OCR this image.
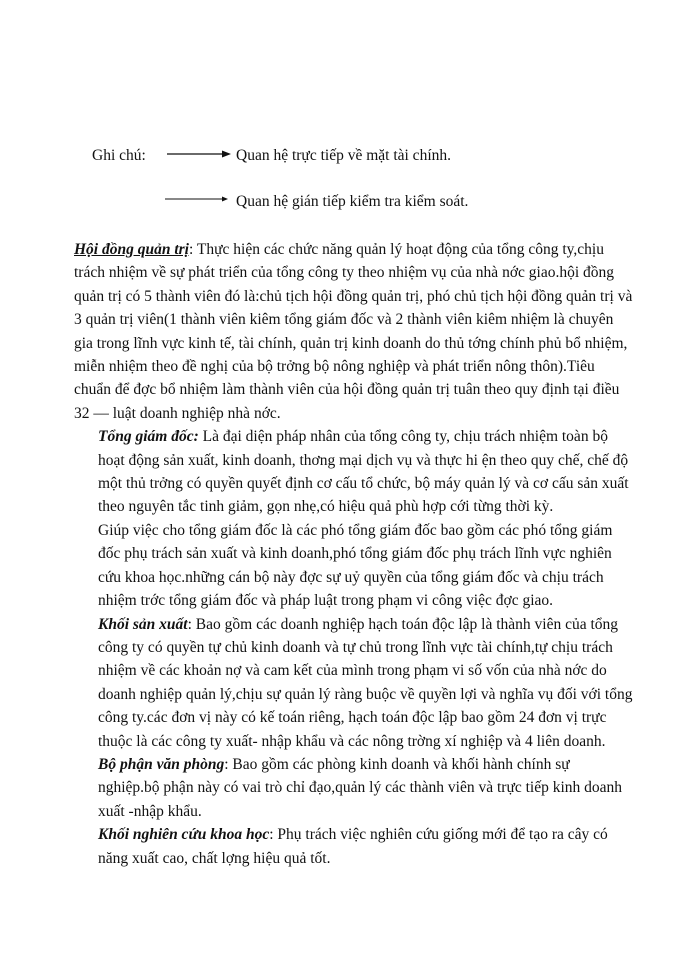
Ghi chú:	Quan hệ trực tiếp về mặt tài chính.
Quan hệ gián tiếp kiểm tra kiểm soát.

Hội đồng quản trị: Thực hiện các chức năng quản lý hoạt động của tổng công ty,chịu trách nhiệm về sự phát triển của tổng công ty theo nhiệm vụ của nhà nớc giao.hội đồng quản trị có 5 thành viên đó là:chủ tịch hội đồng quản trị, phó chủ tịch hội đồng quản trị và 3 quản trị viên(1 thành viên kiêm tổng giám đốc và 2 thành viên kiêm nhiệm là chuyên gia trong lĩnh vực kinh tế, tài chính, quản trị kinh doanh do thủ tớng chính phủ bổ nhiệm, miễn nhiệm theo đề nghị của bộ trởng bộ nông nghiệp và phát triển nông thôn).Tiêu chuẩn để đợc bổ nhiệm làm thành viên của hội đồng quản trị tuân theo quy định tại điều 32 — luật doanh nghiệp nhà nớc.

Tổng giám đốc: Là đại diện pháp nhân của tổng công ty, chịu trách nhiệm toàn bộ hoạt động sản xuất, kinh doanh, thơng mại dịch vụ và thực hi ện theo quy chế, chế độ một thủ trởng có quyền quyết định cơ cấu tổ chức, bộ máy quản lý và cơ cấu sản xuất theo nguyên tắc tinh giảm, gọn nhẹ,có hiệu quả phù hợp cới từng thời kỳ.

Giúp việc cho tổng giám đốc là các phó tổng giám đốc bao gồm các phó tổng giám đốc phụ trách sản xuất và kinh doanh,phó tổng giám đốc phụ trách lĩnh vực nghiên cứu khoa học.những cán bộ này đợc sự uỷ quyền của tổng giám đốc và chịu trách nhiệm trớc tổng giám đốc và pháp luật trong phạm vi công việc đợc giao.

Khối sản xuất: Bao gồm các doanh nghiệp hạch toán độc lập là thành viên của tổng công ty có quyền tự chủ kinh doanh và tự chủ trong lĩnh vực tài chính,tự chịu trách nhiệm về các khoản nợ và cam kết của mình trong phạm vi số vốn của nhà nớc do doanh nghiệp quản lý,chịu sự quản lý ràng buộc về quyền lợi và nghĩa vụ đối với tổng công ty.các đơn vị này có kế toán riêng, hạch toán độc lập bao gồm 24 đơn vị trực thuộc là các công ty xuất- nhập khẩu và các nông trờng xí nghiệp và 4 liên doanh.

Bộ phận văn phòng: Bao gồm các phòng kinh doanh và khối hành chính sự nghiệp.bộ phận này có vai trò chỉ đạo,quản lý các thành viên và trực tiếp kinh doanh xuất -nhập khẩu.

Khối nghiên cứu khoa học: Phụ trách việc nghiên cứu giống mới để tạo ra cây có năng xuất cao, chất lợng hiệu quả tốt.
